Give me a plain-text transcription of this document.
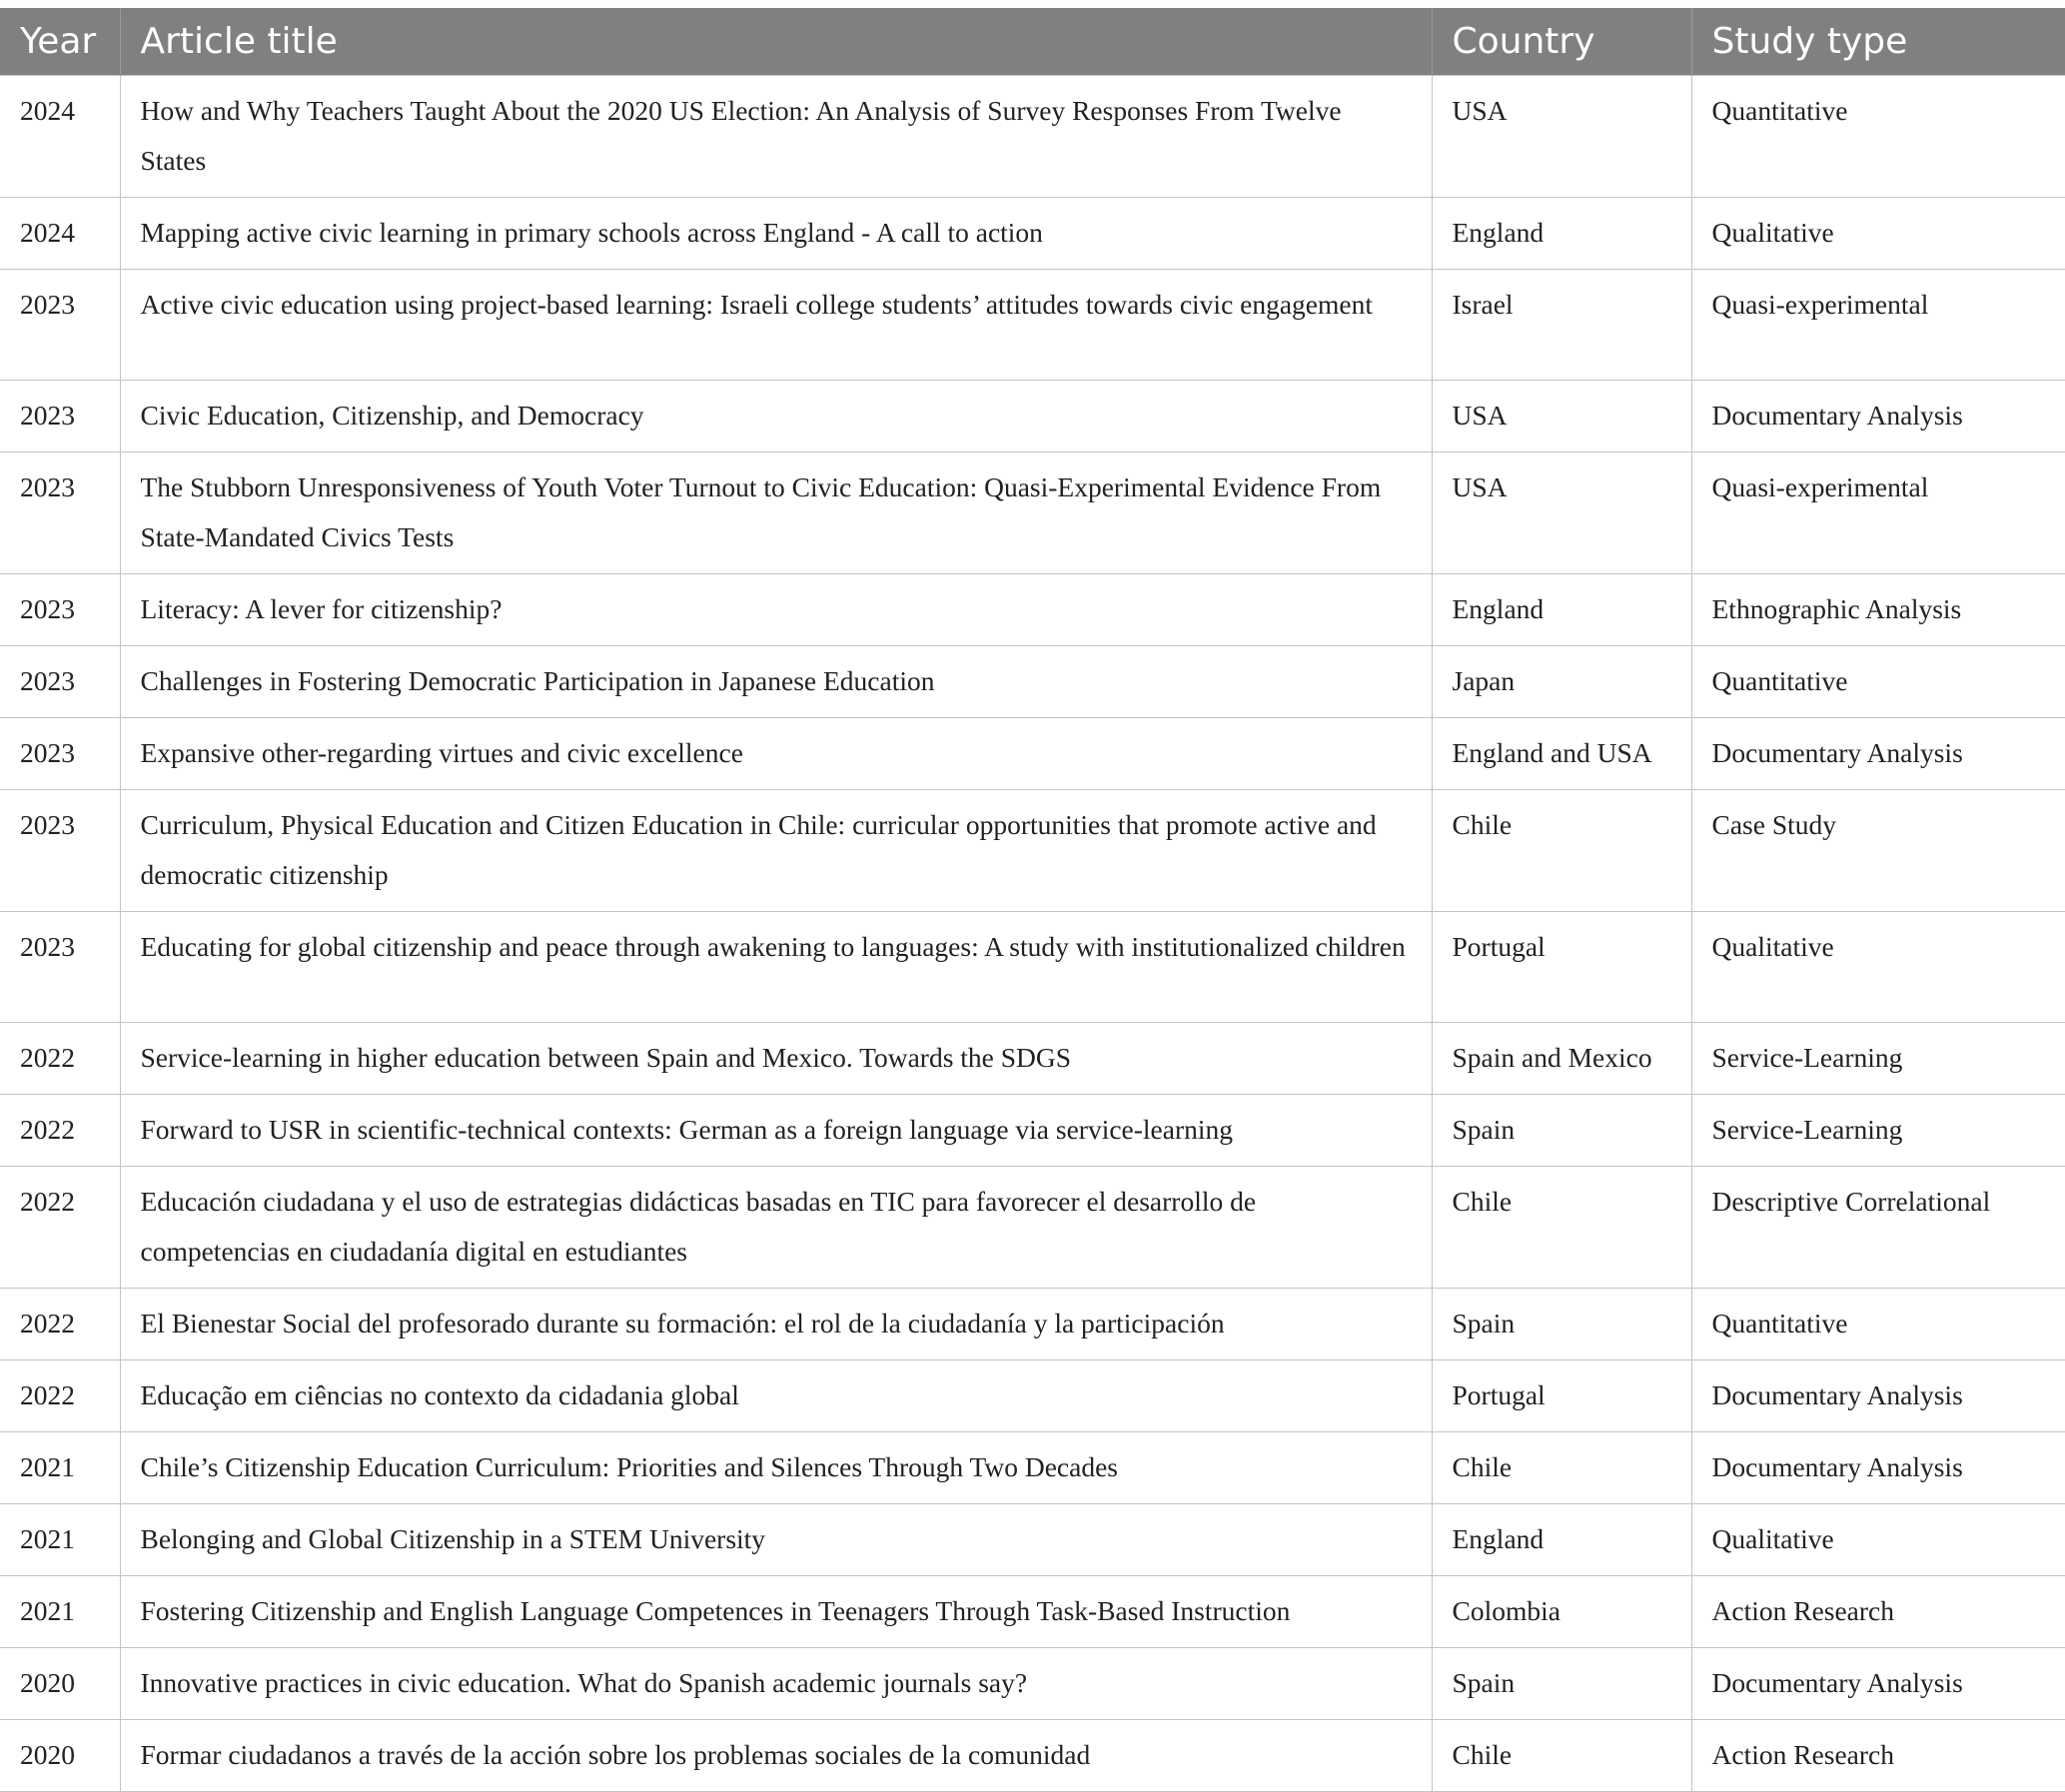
Year	Article title	Country	Study type
2024	How and Why Teachers Taught About the 2020 US Election: An Analysis of Survey Responses From Twelve States	USA	Quantitative
2024	Mapping active civic learning in primary schools across England - A call to action	England	Qualitative
2023	Active civic education using project-based learning: Israeli college students’ attitudes towards civic engagement	Israel	Quasi-experimental
2023	Civic Education, Citizenship, and Democracy	USA	Documentary Analysis
2023	The Stubborn Unresponsiveness of Youth Voter Turnout to Civic Education: Quasi-Experimental Evidence From State-Mandated Civics Tests	USA	Quasi-experimental
2023	Literacy: A lever for citizenship?	England	Ethnographic Analysis
2023	Challenges in Fostering Democratic Participation in Japanese Education	Japan	Quantitative
2023	Expansive other-regarding virtues and civic excellence	England and USA	Documentary Analysis
2023	Curriculum, Physical Education and Citizen Education in Chile: curricular opportunities that promote active and democratic citizenship	Chile	Case Study
2023	Educating for global citizenship and peace through awakening to languages: A study with institutionalized children	Portugal	Qualitative
2022	Service-learning in higher education between Spain and Mexico. Towards the SDGS	Spain and Mexico	Service-Learning
2022	Forward to USR in scientific-technical contexts: German as a foreign language via service-learning	Spain	Service-Learning
2022	Educación ciudadana y el uso de estrategias didácticas basadas en TIC para favorecer el desarrollo de competencias en ciudadanía digital en estudiantes	Chile	Descriptive Correlational
2022	El Bienestar Social del profesorado durante su formación: el rol de la ciudadanía y la participación	Spain	Quantitative
2022	Educação em ciências no contexto da cidadania global	Portugal	Documentary Analysis
2021	Chile’s Citizenship Education Curriculum: Priorities and Silences Through Two Decades	Chile	Documentary Analysis
2021	Belonging and Global Citizenship in a STEM University	England	Qualitative
2021	Fostering Citizenship and English Language Competences in Teenagers Through Task-Based Instruction	Colombia	Action Research
2020	Innovative practices in civic education. What do Spanish academic journals say?	Spain	Documentary Analysis
2020	Formar ciudadanos a través de la acción sobre los problemas sociales de la comunidad	Chile	Action Research
